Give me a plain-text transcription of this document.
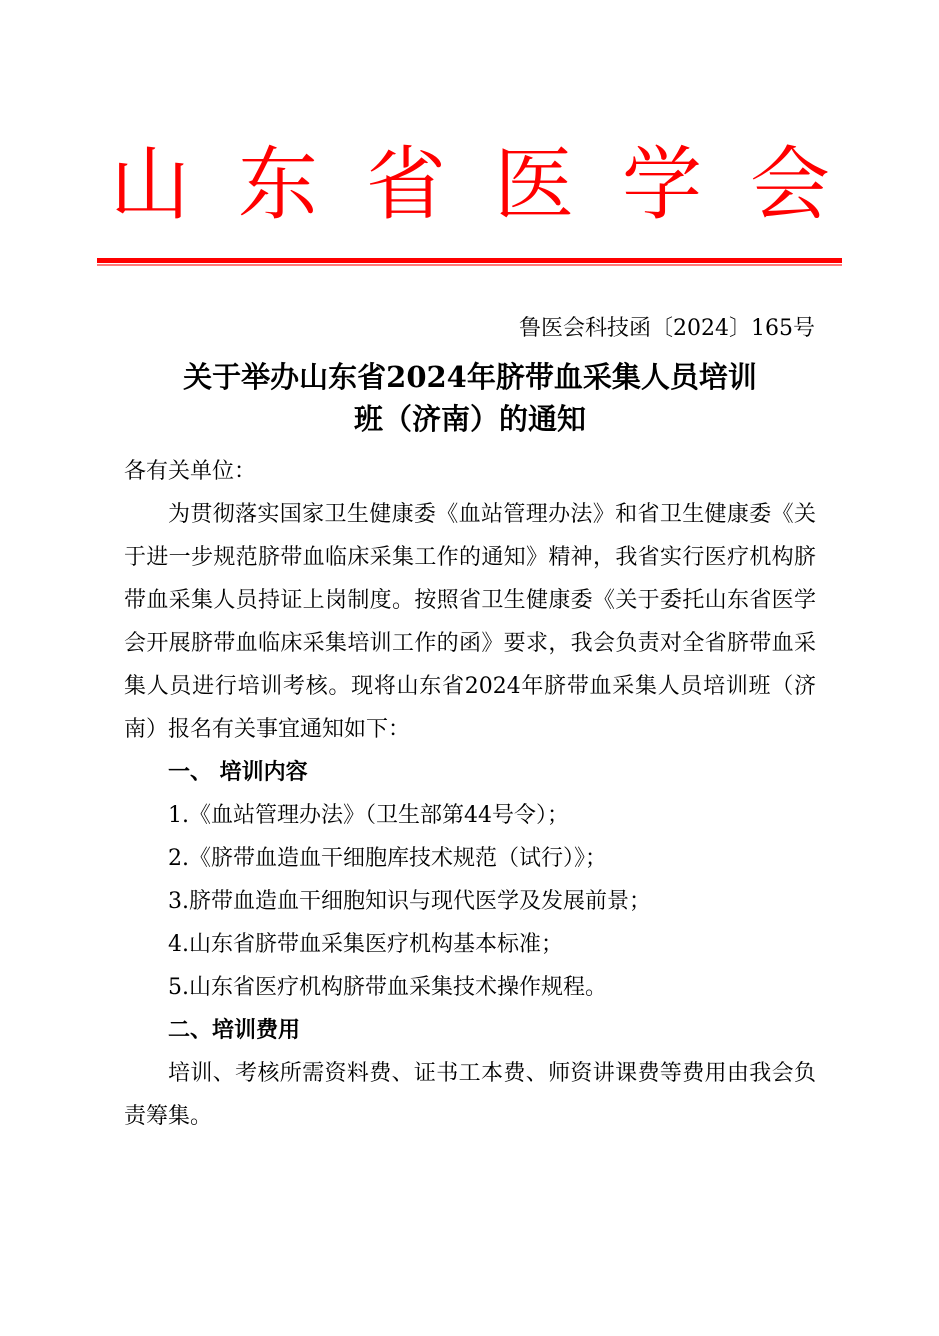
山 东 省 医 学 会
鲁医会科技函〔2024〕165号
关于举办山东省2024年脐带血采集人员培训
班（济南）的通知

各有关单位：

为贯彻落实国家卫生健康委《血站管理办法》和省卫生健康委《关于进一步规范脐带血临床采集工作的通知》精神，我省实行医疗机构脐带血采集人员持证上岗制度。按照省卫生健康委《关于委托山东省医学会开展脐带血临床采集培训工作的函》要求，我会负责对全省脐带血采集人员进行培训考核。现将山东省2024年脐带血采集人员培训班（济南）报名有关事宜通知如下：

一、 培训内容

1.《血站管理办法》（卫生部第44号令）；

2.《脐带血造血干细胞库技术规范（试行）》；

3.脐带血造血干细胞知识与现代医学及发展前景；

4.山东省脐带血采集医疗机构基本标准；

5.山东省医疗机构脐带血采集技术操作规程。

二、培训费用

培训、考核所需资料费、证书工本费、师资讲课费等费用由我会负责筹集。
